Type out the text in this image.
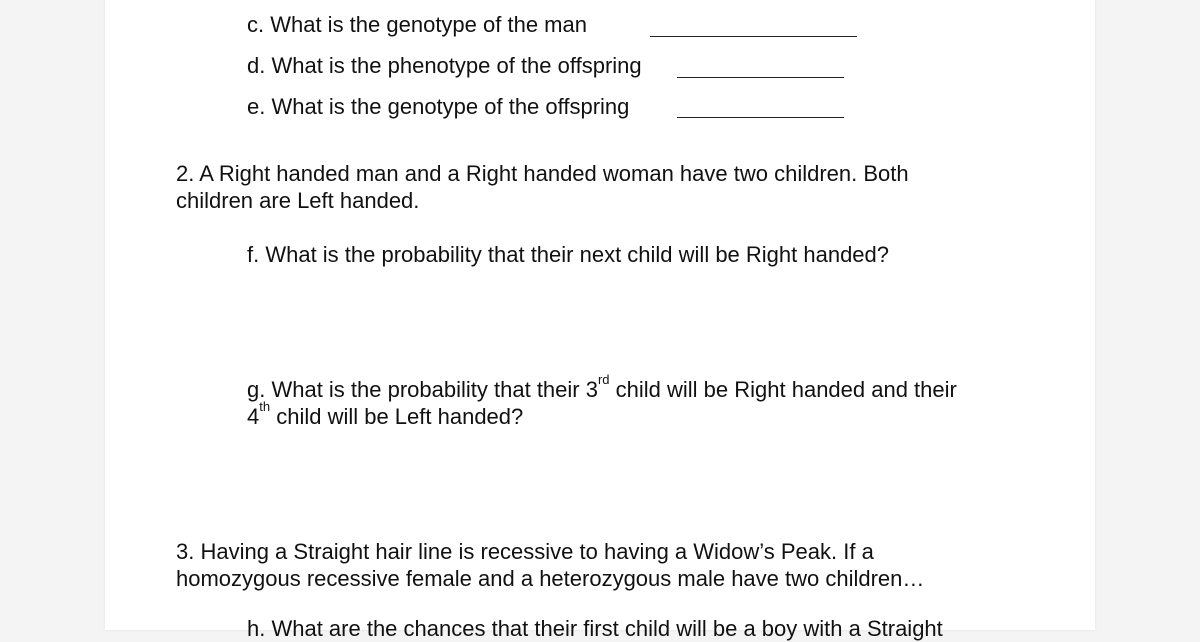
c. What is the genotype of the man

d. What is the phenotype of the offspring

e. What is the genotype of the offspring

2. A Right handed man and a Right handed woman have two children. Both

children are Left handed.

f. What is the probability that their next child will be Right handed?

g. What is the probability that their 3rd child will be Right handed and their

4th child will be Left handed?

3. Having a Straight hair line is recessive to having a Widow’s Peak. If a

homozygous recessive female and a heterozygous male have two children…

h. What are the chances that their first child will be a boy with a Straight
